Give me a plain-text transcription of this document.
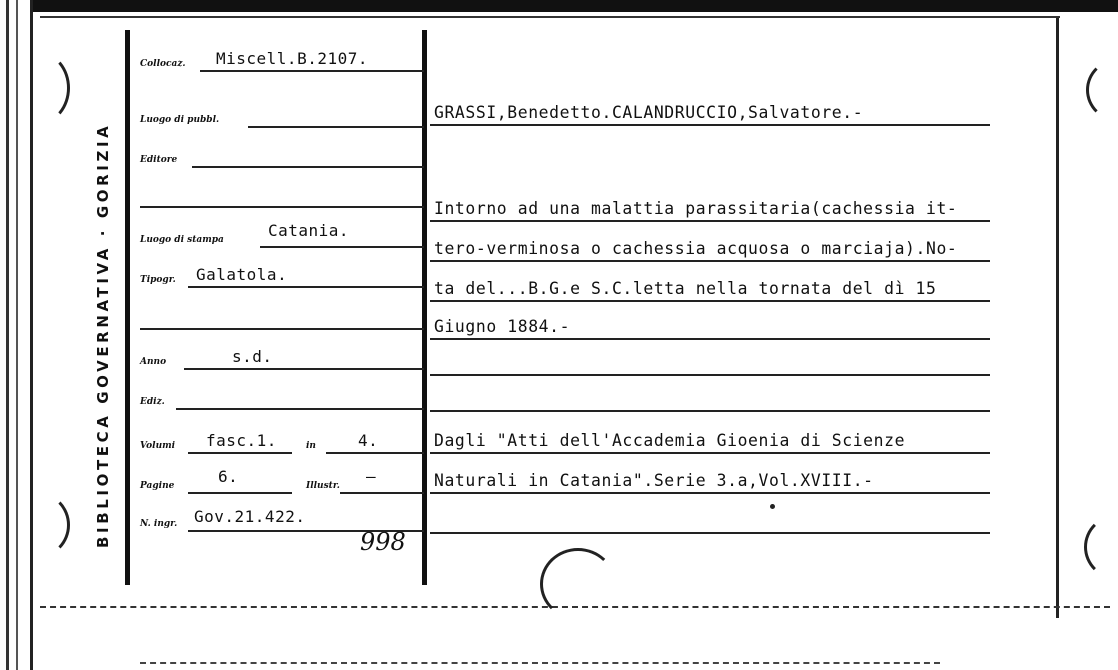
BIBLIOTECA GOVERNATIVA · GORIZIA
Collocaz. Miscell.B.2107.
Luogo di pubbl.
Editore
Luogo di stampa	Catania.
Tipogr. Galatola.
Anno	s.d.
Ediz.
Volumi fasc.1.	in	4.
Pagine	6.	Illustr. —
N. ingr. Gov.21.422.
998
GRASSI,Benedetto.CALANDRUCCIO,Salvatore.-
Intorno ad una malattia parassitaria(cachessia it-
tero-verminosa o cachessia acquosa o marciaja).No-
ta del...B.G.e S.C.letta nella tornata del dì 15
Giugno 1884.-
Dagli "Atti dell'Accademia Gioenia di Scienze
Naturali in Catania".Serie 3.a,Vol.XVIII.-
